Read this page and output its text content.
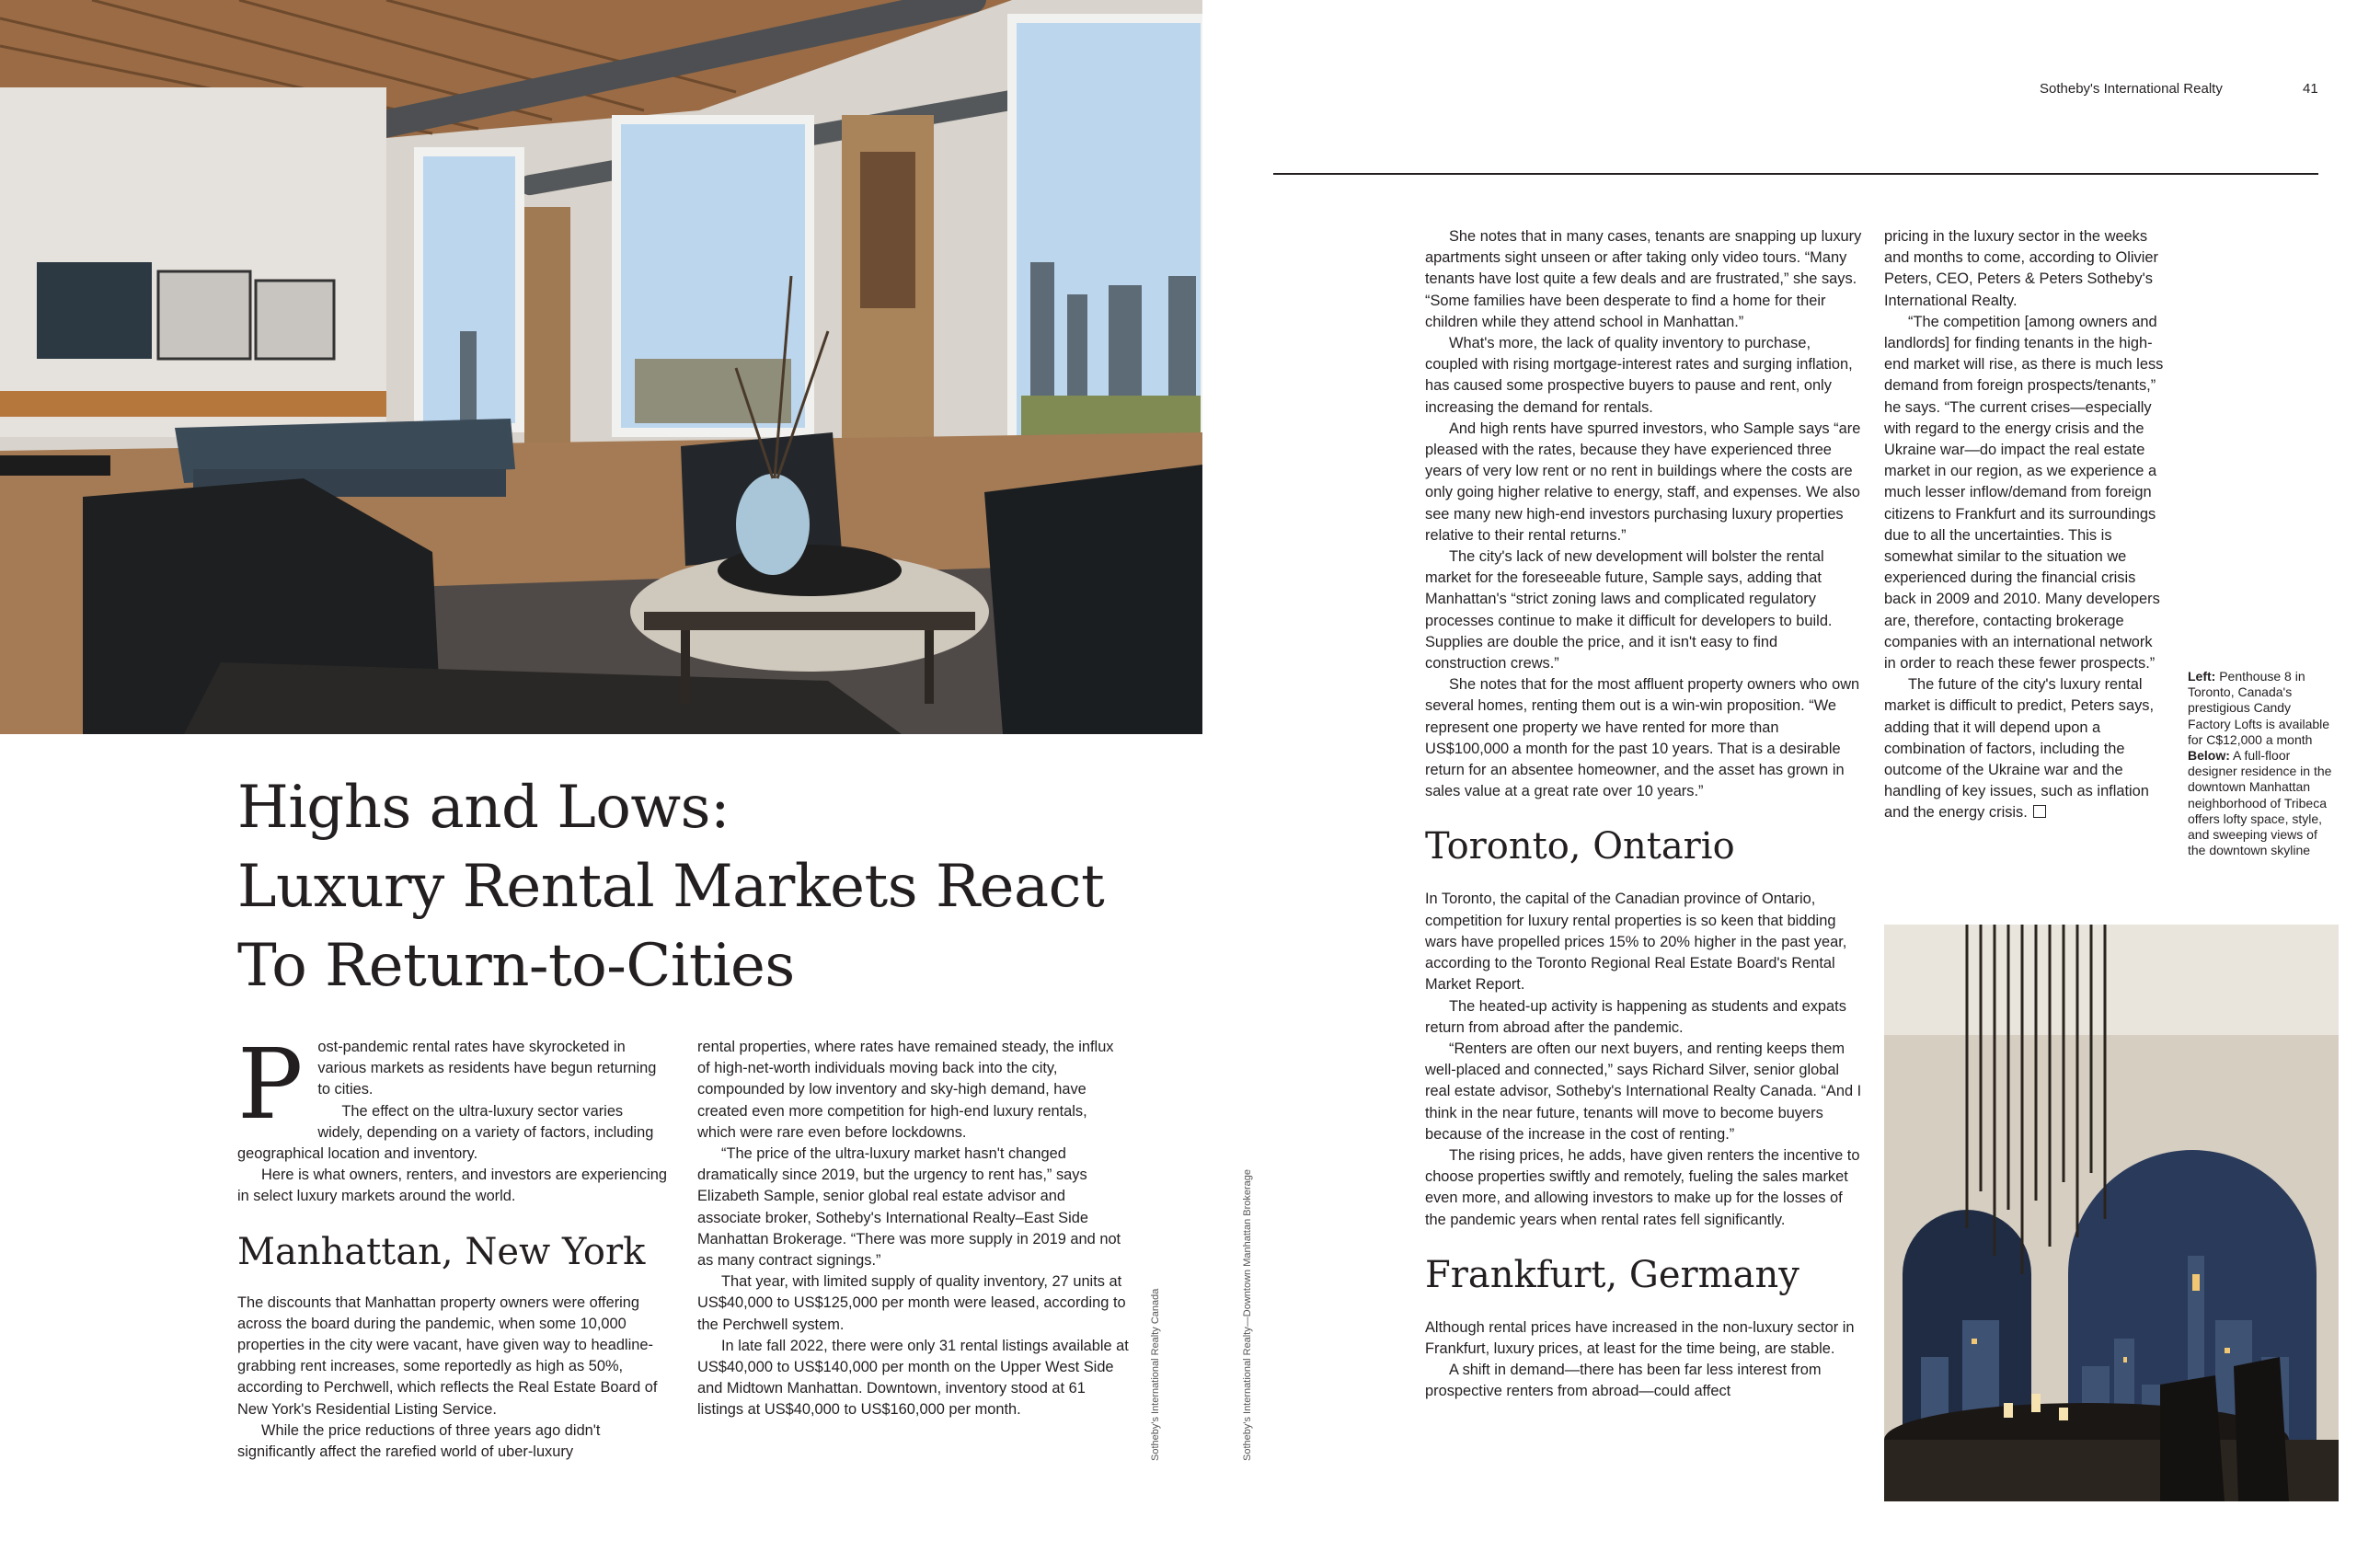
Highs and Lows:
Luxury Rental Markets React
To Return-to-Cities
P ost-pandemic rental rates have skyrocketed in various markets as residents have begun returning to cities.

The effect on the ultra-luxury sector varies widely, depending on a variety of factors, including geographical location and inventory.

Here is what owners, renters, and investors are experiencing in select luxury markets around the world.

Manhattan, New York

The discounts that Manhattan property owners were offering across the board during the pandemic, when some 10,000 properties in the city were vacant, have given way to headline-grabbing rent increases, some reportedly as high as 50%, according to Perchwell, which reflects the Real Estate Board of New York's Residential Listing Service.

While the price reductions of three years ago didn't significantly affect the rarefied world of uber-luxury

rental properties, where rates have remained steady, the influx of high-net-worth individuals moving back into the city, compounded by low inventory and sky-high demand, have created even more competition for high-end luxury rentals, which were rare even before lockdowns.

“The price of the ultra-luxury market hasn't changed dramatically since 2019, but the urgency to rent has,” says Elizabeth Sample, senior global real estate advisor and associate broker, Sotheby's International Realty–East Side Manhattan Brokerage. “There was more supply in 2019 and not as many contract signings.”

That year, with limited supply of quality inventory, 27 units at US$40,000 to US$125,000 per month were leased, according to the Perchwell system.

In late fall 2022, there were only 31 rental listings available at US$40,000 to US$140,000 per month on the Upper West Side and Midtown Manhattan. Downtown, inventory stood at 61 listings at US$40,000 to US$160,000 per month.	Sotheby's International Realty Canada	Sotheby's International Realty—Downtown Manhattan Brokerage
Sotheby's International Realty	41

She notes that in many cases, tenants are snapping up luxury apartments sight unseen or after taking only video tours. “Many tenants have lost quite a few deals and are frustrated,” she says. “Some families have been desperate to find a home for their children while they attend school in Manhattan.”

What's more, the lack of quality inventory to purchase, coupled with rising mortgage-interest rates and surging inflation, has caused some prospective buyers to pause and rent, only increasing the demand for rentals.

And high rents have spurred investors, who Sample says “are pleased with the rates, because they have experienced three years of very low rent or no rent in buildings where the costs are only going higher relative to energy, staff, and expenses. We also see many new high-end investors purchasing luxury properties relative to their rental returns.”

The city's lack of new development will bolster the rental market for the foreseeable future, Sample says, adding that Manhattan's “strict zoning laws and complicated regulatory processes continue to make it difficult for developers to build. Supplies are double the price, and it isn't easy to find construction crews.”

She notes that for the most affluent property owners who own several homes, renting them out is a win-win proposition. “We represent one property we have rented for more than US$100,000 a month for the past 10 years. That is a desirable return for an absentee homeowner, and the asset has grown in sales value at a great rate over 10 years.”

Toronto, Ontario

In Toronto, the capital of the Canadian province of Ontario, competition for luxury rental properties is so keen that bidding wars have propelled prices 15% to 20% higher in the past year, according to the Toronto Regional Real Estate Board's Rental Market Report.

The heated-up activity is happening as students and expats return from abroad after the pandemic.

“Renters are often our next buyers, and renting keeps them well-placed and connected,” says Richard Silver, senior global real estate advisor, Sotheby's International Realty Canada. “And I think in the near future, tenants will move to become buyers because of the increase in the cost of renting.”

The rising prices, he adds, have given renters the incentive to choose properties swiftly and remotely, fueling the sales market even more, and allowing investors to make up for the losses of the pandemic years when rental rates fell significantly.

Frankfurt, Germany

Although rental prices have increased in the non-luxury sector in Frankfurt, luxury prices, at least for the time being, are stable.

A shift in demand—there has been far less interest from prospective renters from abroad—could affect

pricing in the luxury sector in the weeks and months to come, according to Olivier Peters, CEO, Peters & Peters Sotheby's International Realty.

“The competition [among owners and landlords] for finding tenants in the high-end market will rise, as there is much less demand from foreign prospects/tenants,” he says. “The current crises—especially with regard to the energy crisis and the Ukraine war—do impact the real estate market in our region, as we experience a much lesser inflow/demand from foreign citizens to Frankfurt and its surroundings due to all the uncertainties. This is somewhat similar to the situation we experienced during the financial crisis back in 2009 and 2010. Many developers are, therefore, contacting brokerage companies with an international network in order to reach these fewer prospects.”

The future of the city's luxury rental market is difficult to predict, Peters says, adding that it will depend upon a combination of factors, including the outcome of the Ukraine war and the handling of key issues, such as inflation and the energy crisis.

Left: Penthouse 8 in Toronto, Canada's prestigious Candy Factory Lofts is available for C$12,000 a month Below: A full-floor designer residence in the downtown Manhattan neighborhood of Tribeca offers lofty space, style, and sweeping views of the downtown skyline
